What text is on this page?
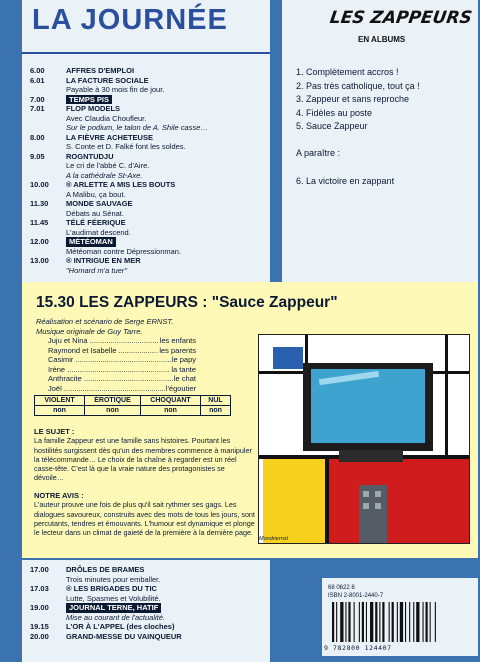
LA JOURNÉE	LES ZAPPEURS
EN ALBUMS
6.00	AFFRES D'EMPLOI
6.01	LA FACTURE SOCIALE
Payable à 30 mois fin de jour.
7.00	TEMPS PIS
7.01	FLOP MODELS
Avec Claudia Choufleur.
Sur le podium, le talon de A. Shile casse…
8.00	LA FIÈVRE ACHETEUSE
S. Conte et D. Falké font les soldes.
9.05	ROGNTUDJU
Le cri de l'abbé C. d'Aire.
A la cathédrale St-Axe.
10.00	® ARLETTE A MIS LES BOUTS
A Malibu, ça bout.
11.30	MONDE SAUVAGE
Débats au Sénat.
11.45	TÉLÉ FÉERIQUE
L'audimat descend.
12.00	MÉTÉOMAN
Météoman contre Dépressionman.
13.00	® INTRIGUE EN MER
"Homard m'a tuer"
1. Complètement accros !
2. Pas très catholique, tout ça !
3. Zappeur et sans reproche
4. Fidèles au poste
5. Sauce Zappeur
A paraître :
6. La victoire en zappant
15.30 LES ZAPPEURS : "Sauce Zappeur"
Réalisation et scénario de Serge ERNST.
Musique originale de Guy Tarre.
Juju et Nina .....	les enfants
Raymond et Isabelle .....	les parents
Casimir .....	le papy
Irène .....	la tante
Anthracite .....	le chat
Joël .....	l'égoutier
VIOLENT	ÉROTIQUE	CHOQUANT	NUL
non	non	non	non
LE SUJET :

La famille Zappeur est une famille sans histoires. Pourtant les hostilités surgissent dès qu'un des membres commence à manipuler la télécommande… Le choix de la chaîne à regarder est un réel casse-tête. C'est là que la vraie nature des protagonistes se dévoile…

NOTRE AVIS :

L'auteur prouve une fois de plus qu'il sait rythmer ses gags. Les dialogues savoureux, construits avec des mots de tous les jours, sont percutants, tendres et émouvants. L'humour est dynamique et plonge le lecteur dans un climat de gaieté de la première à la dernière page.

Mondriernst
17.00	DRÔLES DE BRAMES
Trois minutes pour emballer.
17.03	® LES BRIGADES DU TIC
Lutte, Spasmes et Volubilité.
19.00	JOURNAL TERNE, HATIF
Mise au courant de l'actualité.
19.15	L'OR À L'APPEL (des cloches)
20.00	GRAND-MESSE DU VAINQUEUR
68 0622 8
ISBN 2-8001-2440-7
9 782800 124407
